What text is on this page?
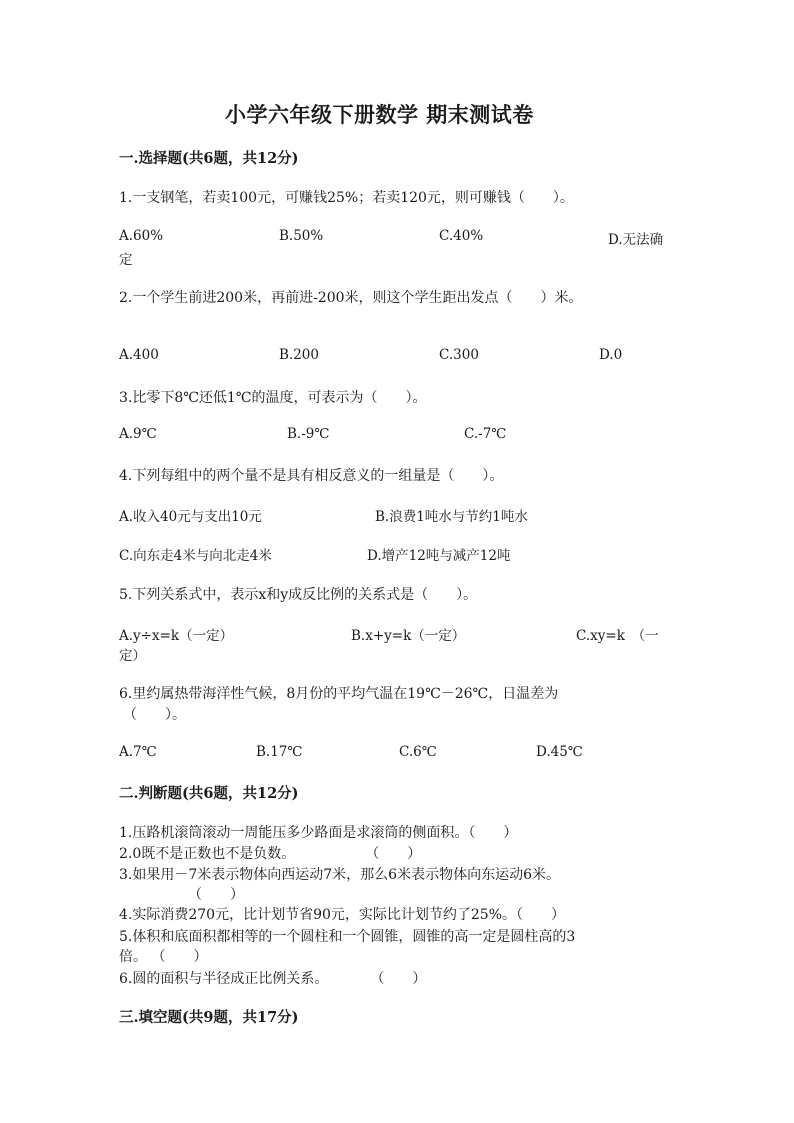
小学六年级下册数学 期末测试卷
一.选择题(共6题，共12分)
1.一支钢笔，若卖100元，可赚钱25%；若卖120元，则可赚钱（　　）。
A.60%	B.50%	C.40%	D.无法确
定
2.一个学生前进200米，再前进-200米，则这个学生距出发点（　　）米。
A.400	B.200	C.300	D.0
3.比零下8℃还低1℃的温度，可表示为（　　）。
A.9℃	B.-9℃	C.-7℃
4.下列每组中的两个量不是具有相反意义的一组量是（　　）。
A.收入40元与支出10元	B.浪费1吨水与节约1吨水
C.向东走4米与向北走4米	D.增产12吨与减产12吨
5.下列关系式中，表示x和y成反比例的关系式是（　　）。
A.y÷x=k（一定）	B.x+y=k（一定）	C.xy=k　（一
定）
6.里约属热带海洋性气候，8月份的平均气温在19℃－26℃，日温差为
（　　）。
A.7℃	B.17℃	C.6℃	D.45℃
二.判断题(共6题，共12分)
1.压路机滚筒滚动一周能压多少路面是求滚筒的侧面积。（　　）
2.0既不是正数也不是负数。　　　　　　（　　）
3.如果用－7米表示物体向西运动7米，那么6米表示物体向东运动6米。
（　　）
4.实际消费270元，比计划节省90元，实际比计划节约了25%。（　　）
5.体积和底面积都相等的一个圆柱和一个圆锥，圆锥的高一定是圆柱高的3
倍。 （　　）
6.圆的面积与半径成正比例关系。　　　　（　　）
三.填空题(共9题，共17分)
